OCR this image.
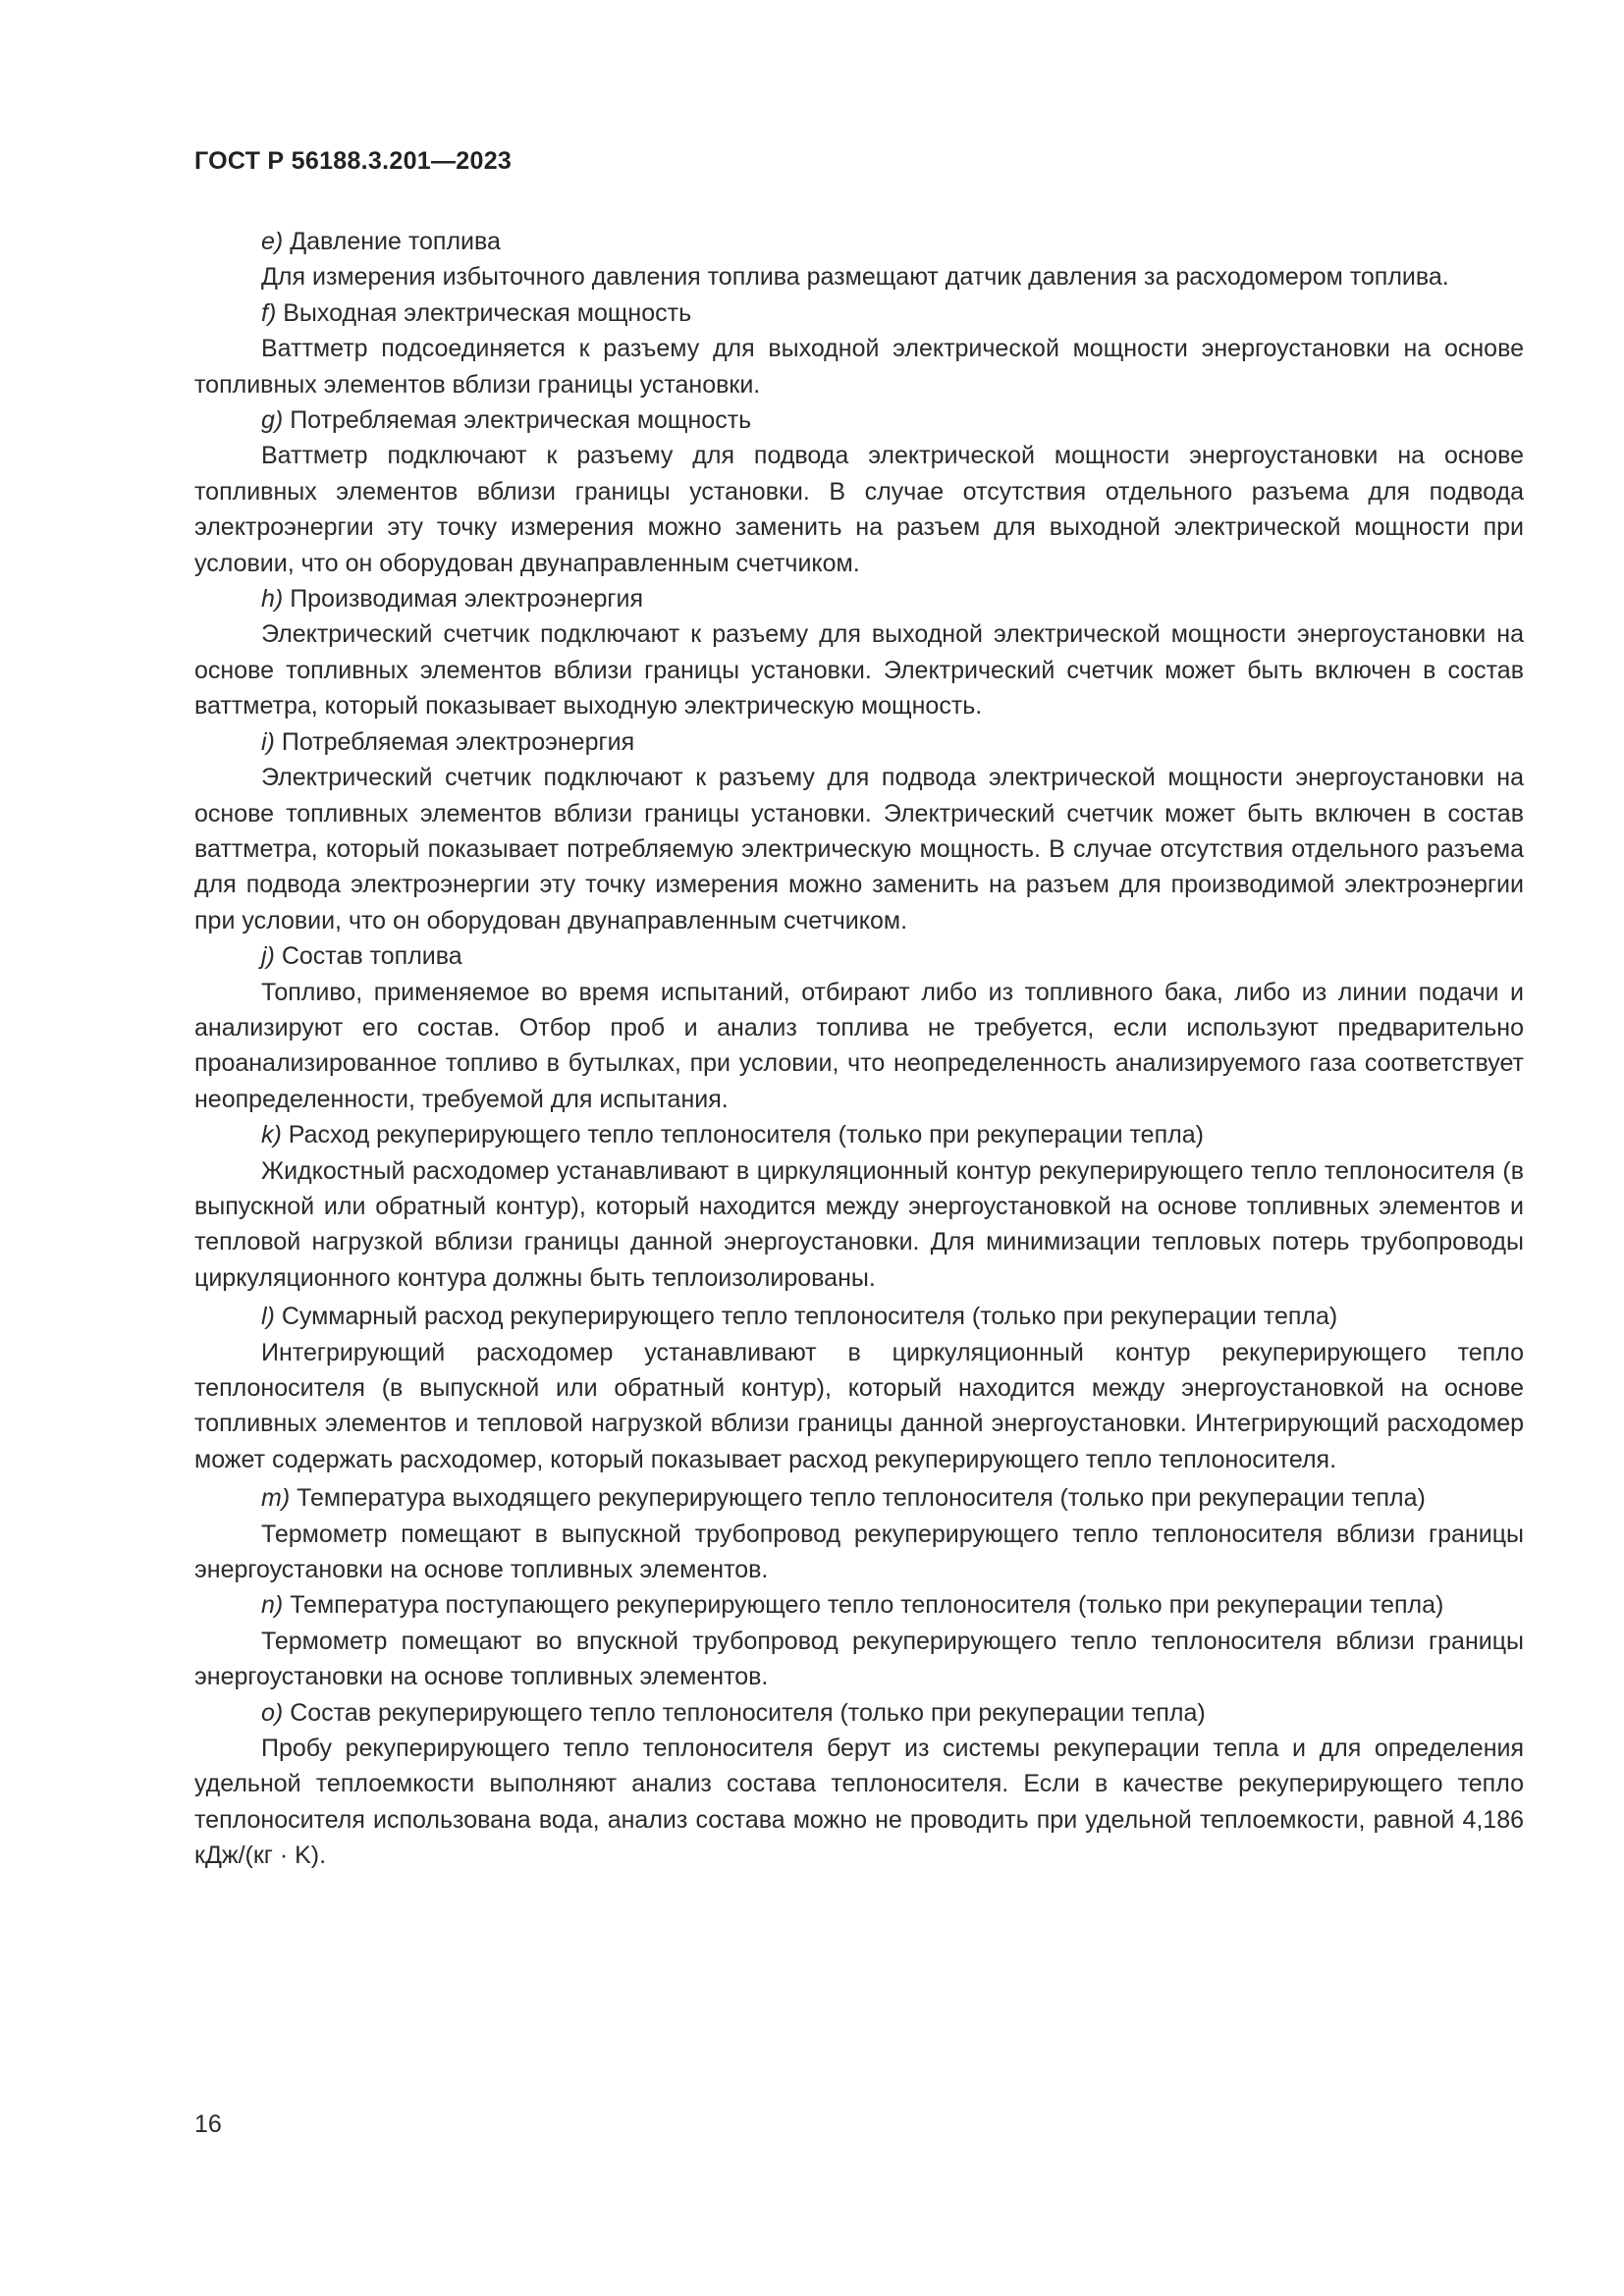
ГОСТ Р 56188.3.201—2023

e) Давление топлива

Для измерения избыточного давления топлива размещают датчик давления за расходомером топлива.

f) Выходная электрическая мощность

Ваттметр подсоединяется к разъему для выходной электрической мощности энергоустановки на основе топливных элементов вблизи границы установки.

g) Потребляемая электрическая мощность

Ваттметр подключают к разъему для подвода электрической мощности энергоустановки на основе топливных элементов вблизи границы установки. В случае отсутствия отдельного разъема для подвода электроэнергии эту точку измерения можно заменить на разъем для выходной электрической мощности при условии, что он оборудован двунаправленным счетчиком.

h) Производимая электроэнергия

Электрический счетчик подключают к разъему для выходной электрической мощности энергоустановки на основе топливных элементов вблизи границы установки. Электрический счетчик может быть включен в состав ваттметра, который показывает выходную электрическую мощность.

i) Потребляемая электроэнергия

Электрический счетчик подключают к разъему для подвода электрической мощности энергоустановки на основе топливных элементов вблизи границы установки. Электрический счетчик может быть включен в состав ваттметра, который показывает потребляемую электрическую мощность. В случае отсутствия отдельного разъема для подвода электроэнергии эту точку измерения можно заменить на разъем для производимой электроэнергии при условии, что он оборудован двунаправленным счетчиком.

j) Состав топлива

Топливо, применяемое во время испытаний, отбирают либо из топливного бака, либо из линии подачи и анализируют его состав. Отбор проб и анализ топлива не требуется, если используют предварительно проанализированное топливо в бутылках, при условии, что неопределенность анализируемого газа соответствует неопределенности, требуемой для испытания.

k) Расход рекуперирующего тепло теплоносителя (только при рекуперации тепла)

Жидкостный расходомер устанавливают в циркуляционный контур рекуперирующего тепло теплоносителя (в выпускной или обратный контур), который находится между энергоустановкой на основе топливных элементов и тепловой нагрузкой вблизи границы данной энергоустановки. Для минимизации тепловых потерь трубопроводы циркуляционного контура должны быть теплоизолированы.

l) Суммарный расход рекуперирующего тепло теплоносителя (только при рекуперации тепла)

Интегрирующий расходомер устанавливают в циркуляционный контур рекуперирующего тепло теплоносителя (в выпускной или обратный контур), который находится между энергоустановкой на основе топливных элементов и тепловой нагрузкой вблизи границы данной энергоустановки. Интегрирующий расходомер может содержать расходомер, который показывает расход рекуперирующего тепло теплоносителя.

m) Температура выходящего рекуперирующего тепло теплоносителя (только при рекуперации тепла)

Термометр помещают в выпускной трубопровод рекуперирующего тепло теплоносителя вблизи границы энергоустановки на основе топливных элементов.

n) Температура поступающего рекуперирующего тепло теплоносителя (только при рекуперации тепла)

Термометр помещают во впускной трубопровод рекуперирующего тепло теплоносителя вблизи границы энергоустановки на основе топливных элементов.

o) Состав рекуперирующего тепло теплоносителя (только при рекуперации тепла)

Пробу рекуперирующего тепло теплоносителя берут из системы рекуперации тепла и для определения удельной теплоемкости выполняют анализ состава теплоносителя. Если в качестве рекуперирующего тепло теплоносителя использована вода, анализ состава можно не проводить при удельной теплоемкости, равной 4,186 кДж/(кг · K).

16
